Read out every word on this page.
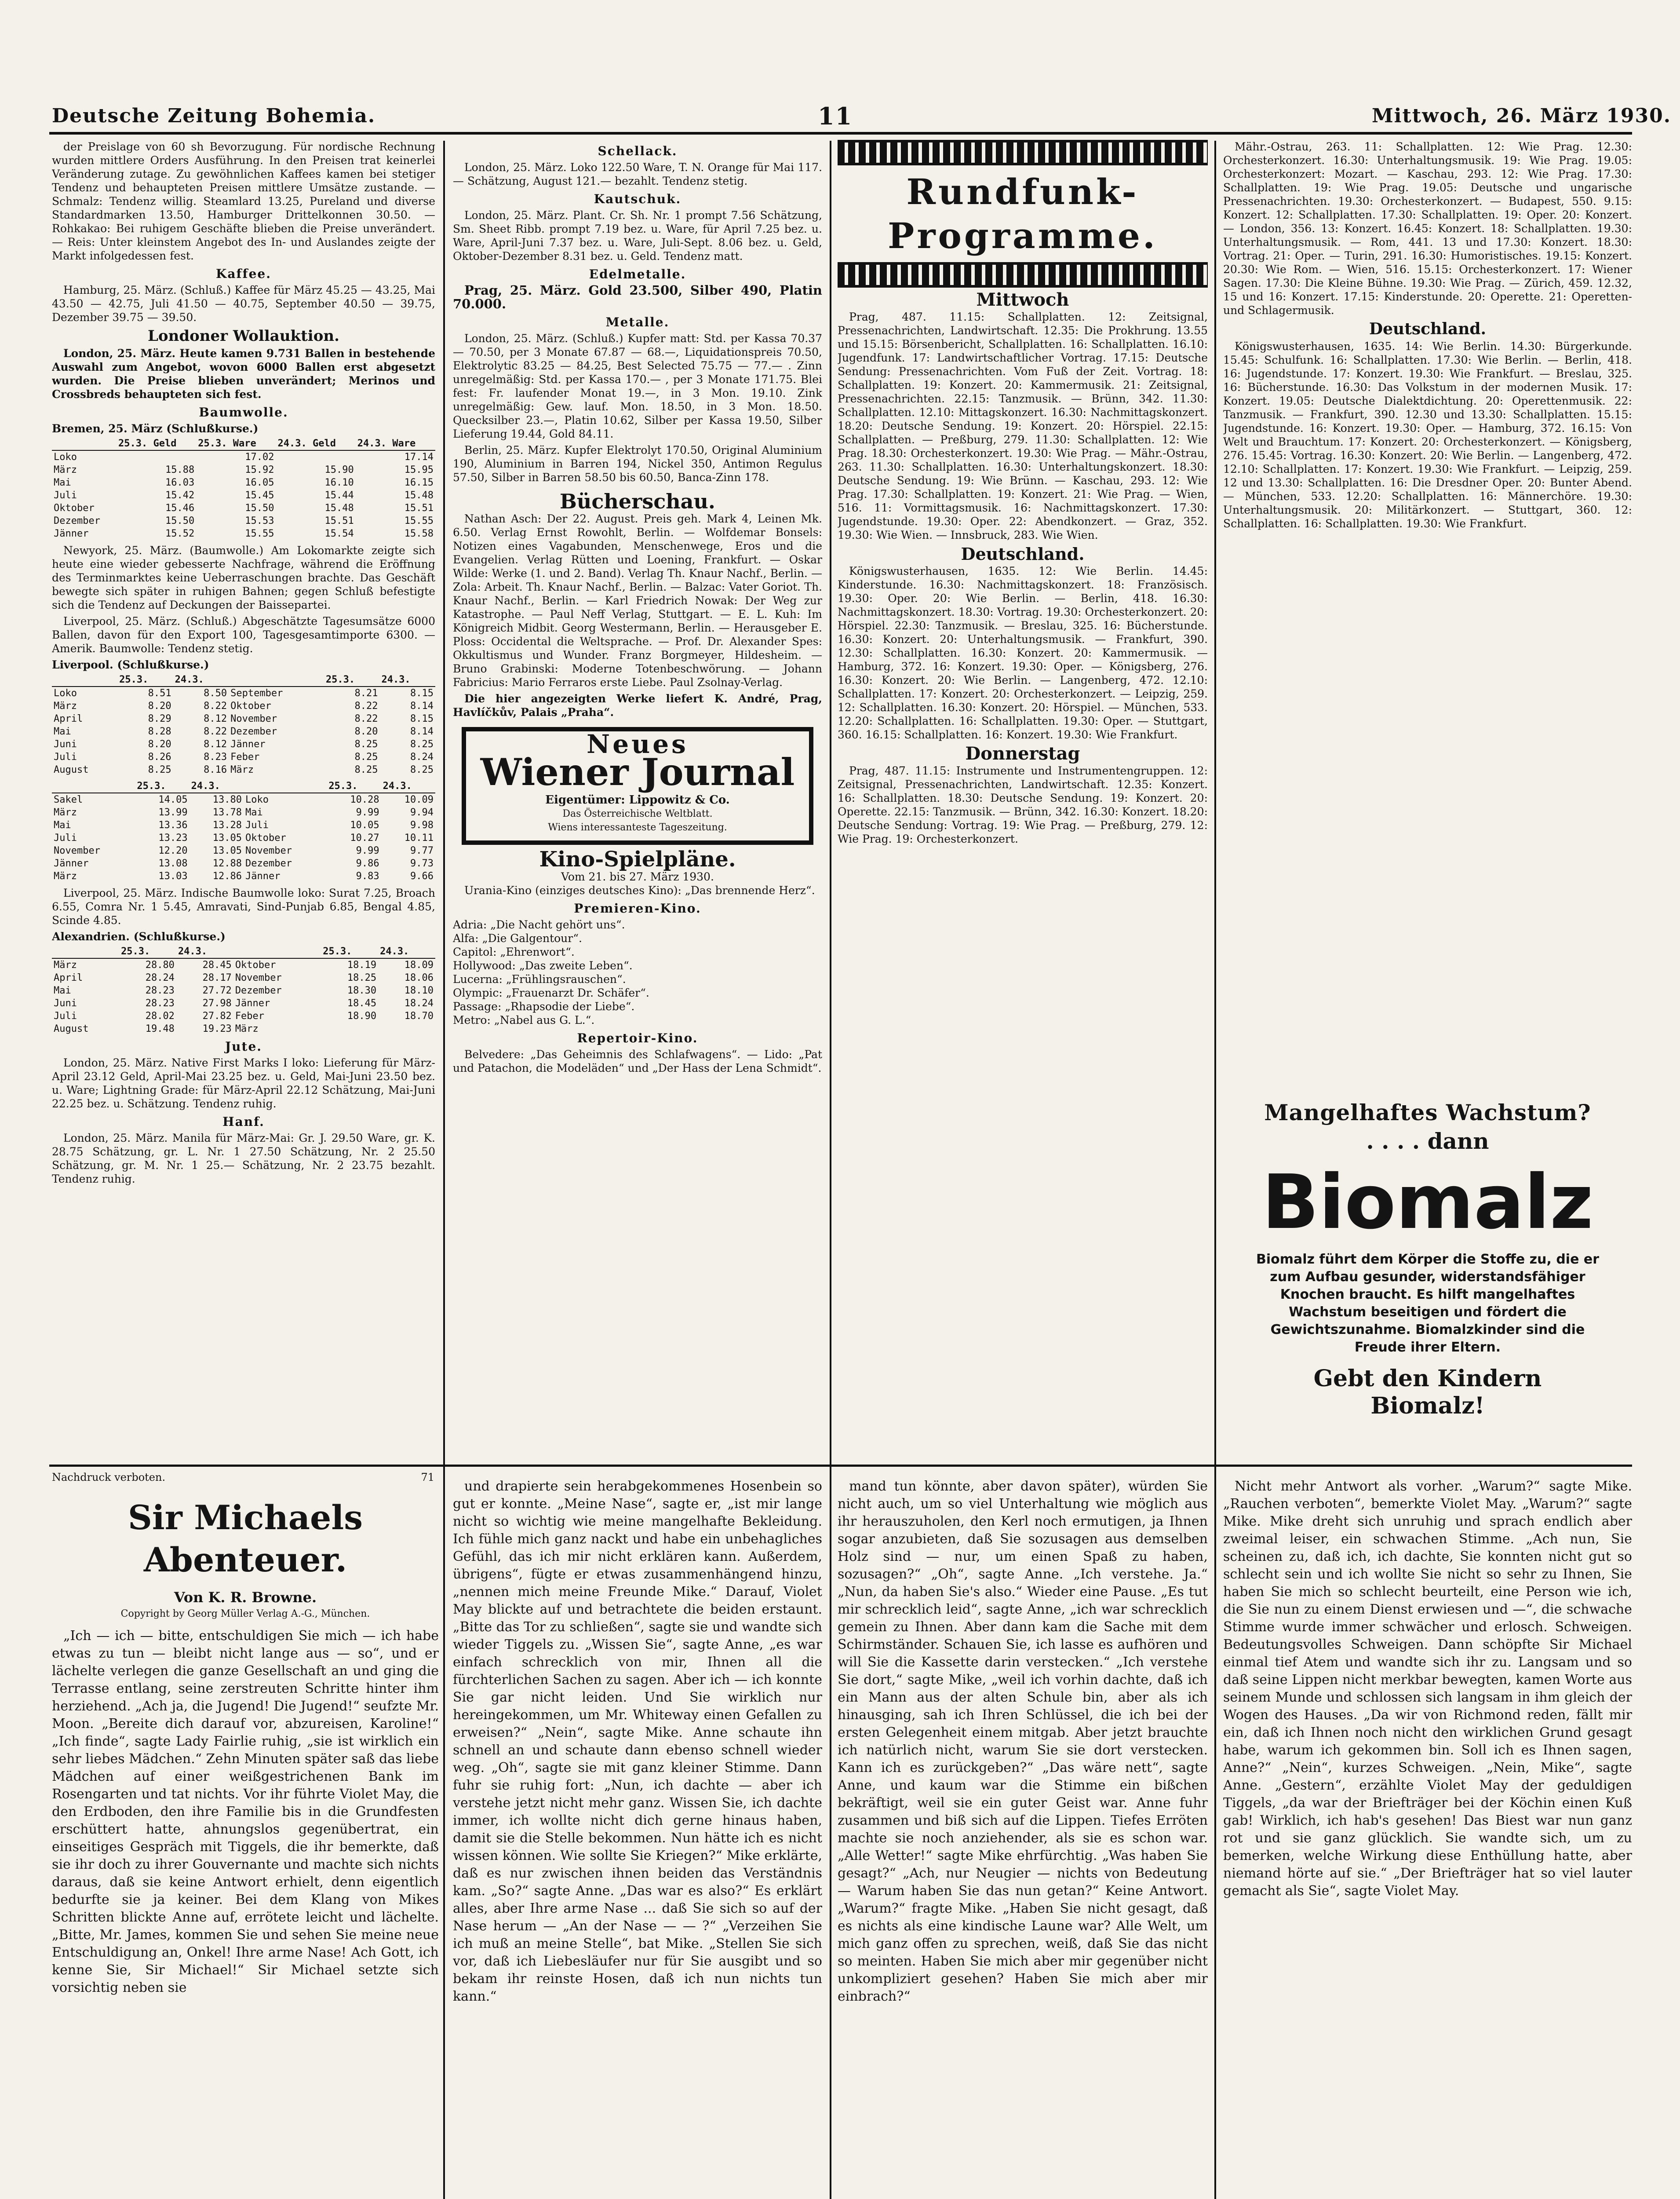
Deutsche Zeitung Bohemia.	11	Mittwoch, 26. März 1930.

der Preislage von 60 sh Bevorzugung. Für nordische Rechnung wurden mittlere Orders Ausführung. In den Preisen trat keinerlei Veränderung zutage. Zu gewöhnlichen Kaffees kamen bei stetiger Tendenz und behaupteten Preisen mittlere Umsätze zustande. — Schmalz: Tendenz willig. Steamlard 13.25, Pureland und diverse Standardmarken 13.50, Hamburger Drittelkonnen 30.50. — Rohkakao: Bei ruhigem Geschäfte blieben die Preise unverändert. — Reis: Unter kleinstem Angebot des In- und Auslandes zeigte der Markt infolgedessen fest.

Kaffee.

Hamburg, 25. März. (Schluß.) Kaffee für März 45.25 — 43.25, Mai 43.50 — 42.75, Juli 41.50 — 40.75, September 40.50 — 39.75, Dezember 39.75 — 39.50.

Londoner Wollauktion.

London, 25. März. Heute kamen 9.731 Ballen in bestehende Auswahl zum Angebot, wovon 6000 Ballen erst abgesetzt wurden. Die Preise blieben unverändert; Merinos und Crossbreds behaupteten sich fest.

Baumwolle.
Bremen, 25. März (Schlußkurse.)
	25.3. Geld	25.3. Ware	24.3. Geld	24.3. Ware
Loko		17.02		17.14
März	15.88	15.92	15.90	15.95
Mai	16.03	16.05	16.10	16.15
Juli	15.42	15.45	15.44	15.48
Oktober	15.46	15.50	15.48	15.51
Dezember	15.50	15.53	15.51	15.55
Jänner	15.52	15.55	15.54	15.58

Newyork, 25. März. (Baumwolle.) Am Lokomarkte zeigte sich heute eine wieder gebesserte Nachfrage, während die Eröffnung des Terminmarktes keine Ueberraschungen brachte. Das Geschäft bewegte sich später in ruhigen Bahnen; gegen Schluß befestigte sich die Tendenz auf Deckungen der Baissepartei.

Liverpool, 25. März. (Schluß.) Abgeschätzte Tagesumsätze 6000 Ballen, davon für den Export 100, Tagesgesamtimporte 6300. — Amerik. Baumwolle: Tendenz stetig.

Liverpool. (Schlußkurse.)
	25.3.	24.3.		25.3.	24.3.
Loko	8.51	8.50	September	8.21	8.15
März	8.20	8.22	Oktober	8.22	8.14
April	8.29	8.12	November	8.22	8.15
Mai	8.28	8.22	Dezember	8.20	8.14
Juni	8.20	8.12	Jänner	8.25	8.25
Juli	8.26	8.23	Feber	8.25	8.24
August	8.25	8.16	März	8.25	8.25
	25.3.	24.3.		25.3.	24.3.
Sakel	14.05	13.80	Loko	10.28	10.09
März	13.99	13.78	Mai	9.99	9.94
Mai	13.36	13.28	Juli	10.05	9.98
Juli	13.23	13.05	Oktober	10.27	10.11
November	12.20	13.05	November	9.99	9.77
Jänner	13.08	12.88	Dezember	9.86	9.73
März	13.03	12.86	Jänner	9.83	9.66

Liverpool, 25. März. Indische Baumwolle loko: Surat 7.25, Broach 6.55, Comra Nr. 1 5.45, Amravati, Sind-Punjab 6.85, Bengal 4.85, Scinde 4.85.

Alexandrien. (Schlußkurse.)
	25.3.	24.3.		25.3.	24.3.
März	28.80	28.45	Oktober	18.19	18.09
April	28.24	28.17	November	18.25	18.06
Mai	28.23	27.72	Dezember	18.30	18.10
Juni	28.23	27.98	Jänner	18.45	18.24
Juli	28.02	27.82	Feber	18.90	18.70
August	19.48	19.23	März		
Jute.

London, 25. März. Native First Marks I loko: Lieferung für März-April 23.12 Geld, April-Mai 23.25 bez. u. Geld, Mai-Juni 23.50 bez. u. Ware; Lightning Grade: für März-April 22.12 Schätzung, Mai-Juni 22.25 bez. u. Schätzung. Tendenz ruhig.

Hanf.

London, 25. März. Manila für März-Mai: Gr. J. 29.50 Ware, gr. K. 28.75 Schätzung, gr. L. Nr. 1 27.50 Schätzung, Nr. 2 25.50 Schätzung, gr. M. Nr. 1 25.— Schätzung, Nr. 2 23.75 bezahlt. Tendenz ruhig.

Schellack.

London, 25. März. Loko 122.50 Ware, T. N. Orange für Mai 117.— Schätzung, August 121.— bezahlt. Tendenz stetig.

Kautschuk.

London, 25. März. Plant. Cr. Sh. Nr. 1 prompt 7.56 Schätzung, Sm. Sheet Ribb. prompt 7.19 bez. u. Ware, für April 7.25 bez. u. Ware, April-Juni 7.37 bez. u. Ware, Juli-Sept. 8.06 bez. u. Geld, Oktober-Dezember 8.31 bez. u. Geld. Tendenz matt.

Edelmetalle.

Prag, 25. März. Gold 23.500, Silber 490, Platin 70.000.

Metalle.

London, 25. März. (Schluß.) Kupfer matt: Std. per Kassa 70.37 — 70.50, per 3 Monate 67.87 — 68.—, Liquidationspreis 70.50, Elektrolytic 83.25 — 84.25, Best Selected 75.75 — 77.— . Zinn unregelmäßig: Std. per Kassa 170.— , per 3 Monate 171.75. Blei fest: Fr. laufender Monat 19.—, in 3 Mon. 19.10. Zink unregelmäßig: Gew. lauf. Mon. 18.50, in 3 Mon. 18.50. Quecksilber 23.—, Platin 10.62, Silber per Kassa 19.50, Silber Lieferung 19.44, Gold 84.11.

Berlin, 25. März. Kupfer Elektrolyt 170.50, Original Aluminium 190, Aluminium in Barren 194, Nickel 350, Antimon Regulus 57.50, Silber in Barren 58.50 bis 60.50, Banca-Zinn 178.

Bücherschau.

Nathan Asch: Der 22. August. Preis geh. Mark 4, Leinen Mk. 6.50. Verlag Ernst Rowohlt, Berlin. — Wolfdemar Bonsels: Notizen eines Vagabunden, Menschenwege, Eros und die Evangelien. Verlag Rütten und Loening, Frankfurt. — Oskar Wilde: Werke (1. und 2. Band). Verlag Th. Knaur Nachf., Berlin. — Zola: Arbeit. Th. Knaur Nachf., Berlin. — Balzac: Vater Goriot. Th. Knaur Nachf., Berlin. — Karl Friedrich Nowak: Der Weg zur Katastrophe. — Paul Neff Verlag, Stuttgart. — E. L. Kuh: Im Königreich Midbit. Georg Westermann, Berlin. — Herausgeber E. Ploss: Occidental die Weltsprache. — Prof. Dr. Alexander Spes: Okkultismus und Wunder. Franz Borgmeyer, Hildesheim. — Bruno Grabinski: Moderne Totenbeschwörung. — Johann Fabricius: Mario Ferraros erste Liebe. Paul Zsolnay-Verlag.

Die hier angezeigten Werke liefert K. André, Prag, Havlíčkův, Palais „Praha“.

Neues
Wiener Journal
Eigentümer: Lippowitz & Co.
Das Österreichische Weltblatt.
Wiens interessanteste Tageszeitung.
Kino-Spielpläne.
Vom 21. bis 27. März 1930.

Urania-Kino (einziges deutsches Kino): „Das brennende Herz“.

Premieren-Kino.
Adria: „Die Nacht gehört uns“.
Alfa: „Die Galgentour“.
Capitol: „Ehrenwort“.
Hollywood: „Das zweite Leben“.
Lucerna: „Frühlingsrauschen“.
Olympic: „Frauenarzt Dr. Schäfer“.
Passage: „Rhapsodie der Liebe“.
Metro: „Nabel aus G. L.“.
Repertoir-Kino.

Belvedere: „Das Geheimnis des Schlafwagens“. — Lido: „Pat und Patachon, die Modeläden“ und „Der Hass der Lena Schmidt“.

Rundfunk-Programme.
Mittwoch

Prag, 487. 11.15: Schallplatten. 12: Zeitsignal, Pressenachrichten, Landwirtschaft. 12.35: Die Prokhrung. 13.55 und 15.15: Börsenbericht, Schallplatten. 16: Schallplatten. 16.10: Jugendfunk. 17: Landwirtschaftlicher Vortrag. 17.15: Deutsche Sendung: Pressenachrichten. Vom Fuß der Zeit. Vortrag. 18: Schallplatten. 19: Konzert. 20: Kammermusik. 21: Zeitsignal, Pressenachrichten. 22.15: Tanzmusik. — Brünn, 342. 11.30: Schallplatten. 12.10: Mittagskonzert. 16.30: Nachmittagskonzert. 18.20: Deutsche Sendung. 19: Konzert. 20: Hörspiel. 22.15: Schallplatten. — Preßburg, 279. 11.30: Schallplatten. 12: Wie Prag. 18.30: Orchesterkonzert. 19.30: Wie Prag. — Mähr.-Ostrau, 263. 11.30: Schallplatten. 16.30: Unterhaltungskonzert. 18.30: Deutsche Sendung. 19: Wie Brünn. — Kaschau, 293. 12: Wie Prag. 17.30: Schallplatten. 19: Konzert. 21: Wie Prag. — Wien, 516. 11: Vormittagsmusik. 16: Nachmittagskonzert. 17.30: Jugendstunde. 19.30: Oper. 22: Abendkonzert. — Graz, 352. 19.30: Wie Wien. — Innsbruck, 283. Wie Wien.

Deutschland.

Königswusterhausen, 1635. 12: Wie Berlin. 14.45: Kinderstunde. 16.30: Nachmittagskonzert. 18: Französisch. 19.30: Oper. 20: Wie Berlin. — Berlin, 418. 16.30: Nachmittagskonzert. 18.30: Vortrag. 19.30: Orchesterkonzert. 20: Hörspiel. 22.30: Tanzmusik. — Breslau, 325. 16: Bücherstunde. 16.30: Konzert. 20: Unterhaltungsmusik. — Frankfurt, 390. 12.30: Schallplatten. 16.30: Konzert. 20: Kammermusik. — Hamburg, 372. 16: Konzert. 19.30: Oper. — Königsberg, 276. 16.30: Konzert. 20: Wie Berlin. — Langenberg, 472. 12.10: Schallplatten. 17: Konzert. 20: Orchesterkonzert. — Leipzig, 259. 12: Schallplatten. 16.30: Konzert. 20: Hörspiel. — München, 533. 12.20: Schallplatten. 16: Schallplatten. 19.30: Oper. — Stuttgart, 360. 16.15: Schallplatten. 16: Konzert. 19.30: Wie Frankfurt.

Donnerstag

Prag, 487. 11.15: Instrumente und Instrumentengruppen. 12: Zeitsignal, Pressenachrichten, Landwirtschaft. 12.35: Konzert. 16: Schallplatten. 18.30: Deutsche Sendung. 19: Konzert. 20: Operette. 22.15: Tanzmusik. — Brünn, 342. 16.30: Konzert. 18.20: Deutsche Sendung: Vortrag. 19: Wie Prag. — Preßburg, 279. 12: Wie Prag. 19: Orchesterkonzert.

Mähr.-Ostrau, 263. 11: Schallplatten. 12: Wie Prag. 12.30: Orchesterkonzert. 16.30: Unterhaltungsmusik. 19: Wie Prag. 19.05: Orchesterkonzert: Mozart. — Kaschau, 293. 12: Wie Prag. 17.30: Schallplatten. 19: Wie Prag. 19.05: Deutsche und ungarische Pressenachrichten. 19.30: Orchesterkonzert. — Budapest, 550. 9.15: Konzert. 12: Schallplatten. 17.30: Schallplatten. 19: Oper. 20: Konzert. — London, 356. 13: Konzert. 16.45: Konzert. 18: Schallplatten. 19.30: Unterhaltungsmusik. — Rom, 441. 13 und 17.30: Konzert. 18.30: Vortrag. 21: Oper. — Turin, 291. 16.30: Humoristisches. 19.15: Konzert. 20.30: Wie Rom. — Wien, 516. 15.15: Orchesterkonzert. 17: Wiener Sagen. 17.30: Die Kleine Bühne. 19.30: Wie Prag. — Zürich, 459. 12.32, 15 und 16: Konzert. 17.15: Kinderstunde. 20: Operette. 21: Operetten- und Schlagermusik.

Deutschland.

Königswusterhausen, 1635. 14: Wie Berlin. 14.30: Bürgerkunde. 15.45: Schulfunk. 16: Schallplatten. 17.30: Wie Berlin. — Berlin, 418. 16: Jugendstunde. 17: Konzert. 19.30: Wie Frankfurt. — Breslau, 325. 16: Bücherstunde. 16.30: Das Volkstum in der modernen Musik. 17: Konzert. 19.05: Deutsche Dialektdichtung. 20: Operettenmusik. 22: Tanzmusik. — Frankfurt, 390. 12.30 und 13.30: Schallplatten. 15.15: Jugendstunde. 16: Konzert. 19.30: Oper. — Hamburg, 372. 16.15: Von Welt und Brauchtum. 17: Konzert. 20: Orchesterkonzert. — Königsberg, 276. 15.45: Vortrag. 16.30: Konzert. 20: Wie Berlin. — Langenberg, 472. 12.10: Schallplatten. 17: Konzert. 19.30: Wie Frankfurt. — Leipzig, 259. 12 und 13.30: Schallplatten. 16: Die Dresdner Oper. 20: Bunter Abend. — München, 533. 12.20: Schallplatten. 16: Männerchöre. 19.30: Unterhaltungsmusik. 20: Militärkonzert. — Stuttgart, 360. 12: Schallplatten. 16: Schallplatten. 19.30: Wie Frankfurt.

Mangelhaftes Wachstum?
. . . . dann
Biomalz
Biomalz führt dem Körper die Stoffe zu, die er zum Aufbau gesunder, widerstandsfähiger Knochen braucht. Es hilft mangelhaftes Wachstum beseitigen und fördert die Gewichtszunahme. Biomalzkinder sind die Freude ihrer Eltern.
Gebt den Kindern Biomalz!
Nachdruck verboten.	71
Sir Michaels Abenteuer.
Von K. R. Browne.
Copyright by Georg Müller Verlag A.-G., München.

„Ich — ich — bitte, entschuldigen Sie mich — ich habe etwas zu tun — bleibt nicht lange aus — so“, und er lächelte verlegen die ganze Gesellschaft an und ging die Terrasse entlang, seine zerstreuten Schritte hinter ihm herziehend. „Ach ja, die Jugend! Die Jugend!“ seufzte Mr. Moon. „Bereite dich darauf vor, abzureisen, Karoline!“ „Ich finde“, sagte Lady Fairlie ruhig, „sie ist wirklich ein sehr liebes Mädchen.“ Zehn Minuten später saß das liebe Mädchen auf einer weißgestrichenen Bank im Rosengarten und tat nichts. Vor ihr führte Violet May, die den Erdboden, den ihre Familie bis in die Grundfesten erschüttert hatte, ahnungslos gegenübertrat, ein einseitiges Gespräch mit Tiggels, die ihr bemerkte, daß sie ihr doch zu ihrer Gouvernante und machte sich nichts daraus, daß sie keine Antwort erhielt, denn eigentlich bedurfte sie ja keiner. Bei dem Klang von Mikes Schritten blickte Anne auf, errötete leicht und lächelte. „Bitte, Mr. James, kommen Sie und sehen Sie meine neue Entschuldigung an, Onkel! Ihre arme Nase! Ach Gott, ich kenne Sie, Sir Michael!“ Sir Michael setzte sich vorsichtig neben sie

und drapierte sein herabgekommenes Hosenbein so gut er konnte. „Meine Nase“, sagte er, „ist mir lange nicht so wichtig wie meine mangelhafte Bekleidung. Ich fühle mich ganz nackt und habe ein unbehagliches Gefühl, das ich mir nicht erklären kann. Außerdem, übrigens“, fügte er etwas zusammenhängend hinzu, „nennen mich meine Freunde Mike.“ Darauf, Violet May blickte auf und betrachtete die beiden erstaunt. „Bitte das Tor zu schließen“, sagte sie und wandte sich wieder Tiggels zu. „Wissen Sie“, sagte Anne, „es war einfach schrecklich von mir, Ihnen all die fürchterlichen Sachen zu sagen. Aber ich — ich konnte Sie gar nicht leiden. Und Sie wirklich nur hereingekommen, um Mr. Whiteway einen Gefallen zu erweisen?“ „Nein“, sagte Mike. Anne schaute ihn schnell an und schaute dann ebenso schnell wieder weg. „Oh“, sagte sie mit ganz kleiner Stimme. Dann fuhr sie ruhig fort: „Nun, ich dachte — aber ich verstehe jetzt nicht mehr ganz. Wissen Sie, ich dachte immer, ich wollte nicht dich gerne hinaus haben, damit sie die Stelle bekommen. Nun hätte ich es nicht wissen können. Wie sollte Sie Kriegen?“ Mike erklärte, daß es nur zwischen ihnen beiden das Verständnis kam. „So?“ sagte Anne. „Das war es also?“ Es erklärt alles, aber Ihre arme Nase ... daß Sie sich so auf der Nase herum — „An der Nase — — ?“ „Verzeihen Sie ich muß an meine Stelle“, bat Mike. „Stellen Sie sich vor, daß ich Liebesläufer nur für Sie ausgibt und so bekam ihr reinste Hosen, daß ich nun nichts tun kann.“

mand tun könnte, aber davon später), würden Sie nicht auch, um so viel Unterhaltung wie möglich aus ihr herauszuholen, den Kerl noch ermutigen, ja Ihnen sogar anzubieten, daß Sie sozusagen aus demselben Holz sind — nur, um einen Spaß zu haben, sozusagen?“ „Oh“, sagte Anne. „Ich verstehe. Ja.“ „Nun, da haben Sie's also.“ Wieder eine Pause. „Es tut mir schrecklich leid“, sagte Anne, „ich war schrecklich gemein zu Ihnen. Aber dann kam die Sache mit dem Schirmständer. Schauen Sie, ich lasse es aufhören und will Sie die Kassette darin verstecken.“ „Ich verstehe Sie dort,“ sagte Mike, „weil ich vorhin dachte, daß ich ein Mann aus der alten Schule bin, aber als ich hinausging, sah ich Ihren Schlüssel, die ich bei der ersten Gelegenheit einem mitgab. Aber jetzt brauchte ich natürlich nicht, warum Sie sie dort verstecken. Kann ich es zurückgeben?“ „Das wäre nett“, sagte Anne, und kaum war die Stimme ein bißchen bekräftigt, weil sie ein guter Geist war. Anne fuhr zusammen und biß sich auf die Lippen. Tiefes Erröten machte sie noch anziehender, als sie es schon war. „Alle Wetter!“ sagte Mike ehrfürchtig. „Was haben Sie gesagt?“ „Ach, nur Neugier — nichts von Bedeutung — Warum haben Sie das nun getan?“ Keine Antwort. „Warum?“ fragte Mike. „Haben Sie nicht gesagt, daß es nichts als eine kindische Laune war? Alle Welt, um mich ganz offen zu sprechen, weiß, daß Sie das nicht so meinten. Haben Sie mich aber mir gegenüber nicht unkompliziert gesehen? Haben Sie mich aber mir einbrach?“

Nicht mehr Antwort als vorher. „Warum?“ sagte Mike. „Rauchen verboten“, bemerkte Violet May. „Warum?“ sagte Mike. Mike dreht sich unruhig und sprach endlich aber zweimal leiser, ein schwachen Stimme. „Ach nun, Sie scheinen zu, daß ich, ich dachte, Sie konnten nicht gut so schlecht sein und ich wollte Sie nicht so sehr zu Ihnen, Sie haben Sie mich so schlecht beurteilt, eine Person wie ich, die Sie nun zu einem Dienst erwiesen und —“, die schwache Stimme wurde immer schwächer und erlosch. Schweigen. Bedeutungsvolles Schweigen. Dann schöpfte Sir Michael einmal tief Atem und wandte sich ihr zu. Langsam und so daß seine Lippen nicht merkbar bewegten, kamen Worte aus seinem Munde und schlossen sich langsam in ihm gleich der Wogen des Hauses. „Da wir von Richmond reden, fällt mir ein, daß ich Ihnen noch nicht den wirklichen Grund gesagt habe, warum ich gekommen bin. Soll ich es Ihnen sagen, Anne?“ „Nein“, kurzes Schweigen. „Nein, Mike“, sagte Anne. „Gestern“, erzählte Violet May der geduldigen Tiggels, „da war der Briefträger bei der Köchin einen Kuß gab! Wirklich, ich hab's gesehen! Das Biest war nun ganz rot und sie ganz glücklich. Sie wandte sich, um zu bemerken, welche Wirkung diese Enthüllung hatte, aber niemand hörte auf sie.“ „Der Briefträger hat so viel lauter gemacht als Sie“, sagte Violet May.
